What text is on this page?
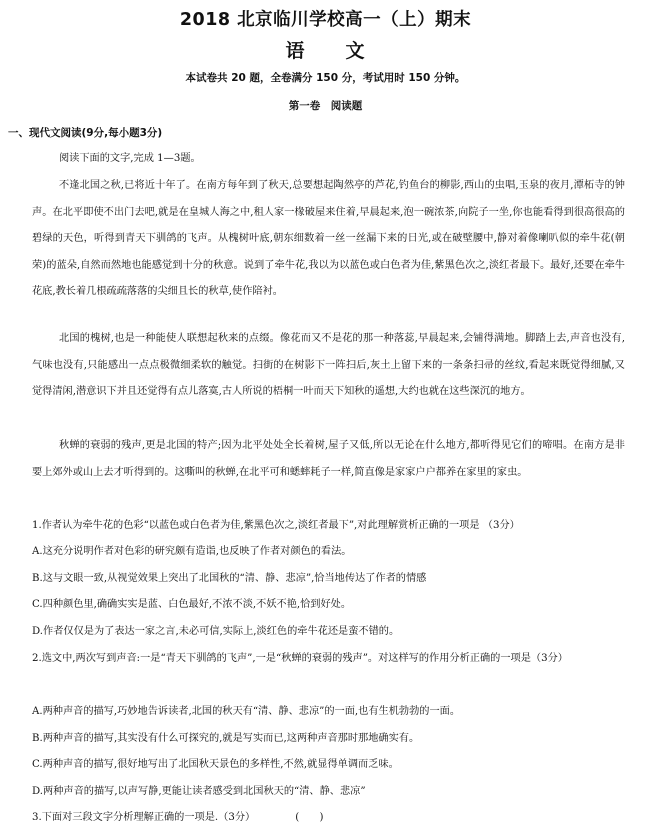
2018 北京临川学校高一（上）期末
语　　文
本试卷共 20 题，全卷满分 150 分，考试用时 150 分钟。
第一卷　阅读题
一、现代文阅读(9分,每小题3分)

阅读下面的文字,完成 1—3题。

不逢北国之秋,已将近十年了。在南方每年到了秋天,总要想起陶然亭的芦花,钓鱼台的柳影,西山的虫唱,玉泉的夜月,潭柘寺的钟声。在北平即使不出门去吧,就是在皇城人海之中,租人家一椽破屋来住着,早晨起来,泡一碗浓茶,向院子一坐,你也能看得到很高很高的碧绿的天色，听得到青天下驯鸽的飞声。从槐树叶底,朝东细数着一丝一丝漏下来的日光,或在破壁腰中,静对着像喇叭似的牵牛花(朝荣)的蓝朵,自然而然地也能感觉到十分的秋意。说到了牵牛花,我以为以蓝色或白色者为佳,紫黑色次之,淡红者最下。最好,还要在牵牛花底,教长着几根疏疏落落的尖细且长的秋草,使作陪衬。

北国的槐树,也是一种能使人联想起秋来的点缀。像花而又不是花的那一种落蕊,早晨起来,会铺得满地。脚踏上去,声音也没有,气味也没有,只能感出一点点极微细柔软的触觉。扫街的在树影下一阵扫后,灰土上留下来的一条条扫帚的丝纹,看起来既觉得细腻,又觉得清闲,潜意识下并且还觉得有点儿落寞,古人所说的梧桐一叶而天下知秋的遥想,大约也就在这些深沉的地方。

秋蝉的衰弱的残声,更是北国的特产;因为北平处处全长着树,屋子又低,所以无论在什么地方,都听得见它们的啼唱。在南方是非要上郊外或山上去才听得到的。这嘶叫的秋蝉,在北平可和蟋蟀耗子一样,简直像是家家户户都养在家里的家虫。

1.作者认为牵牛花的色彩“以蓝色或白色者为佳,紫黑色次之,淡红者最下”,对此理解赏析正确的一项是 （3分）

A.这充分说明作者对色彩的研究颇有造诣,也反映了作者对颜色的看法。

B.这与文眼一致,从视觉效果上突出了北国秋的“清、静、悲凉”,恰当地传达了作者的情感

C.四种颜色里,确确实实是蓝、白色最好,不浓不淡,不妖不艳,恰到好处。

D.作者仅仅是为了表达一家之言,未必可信,实际上,淡红色的牵牛花还是蛮不错的。

2.选文中,两次写到声音:一是“青天下驯鸽的飞声”,一是“秋蝉的衰弱的残声”。对这样写的作用分析正确的一项是（3分）

A.两种声音的描写,巧妙地告诉读者,北国的秋天有“清、静、悲凉”的一面,也有生机勃勃的一面。

B.两种声音的描写,其实没有什么可探究的,就是写实而已,这两种声音那时那地确实有。

C.两种声音的描写,很好地写出了北国秋天景色的多样性,不然,就显得单调而乏味。

D.两种声音的描写,以声写静,更能让读者感受到北国秋天的“清、静、悲凉”

3.下面对三段文字分析理解正确的一项是.（3分）	(　　)
